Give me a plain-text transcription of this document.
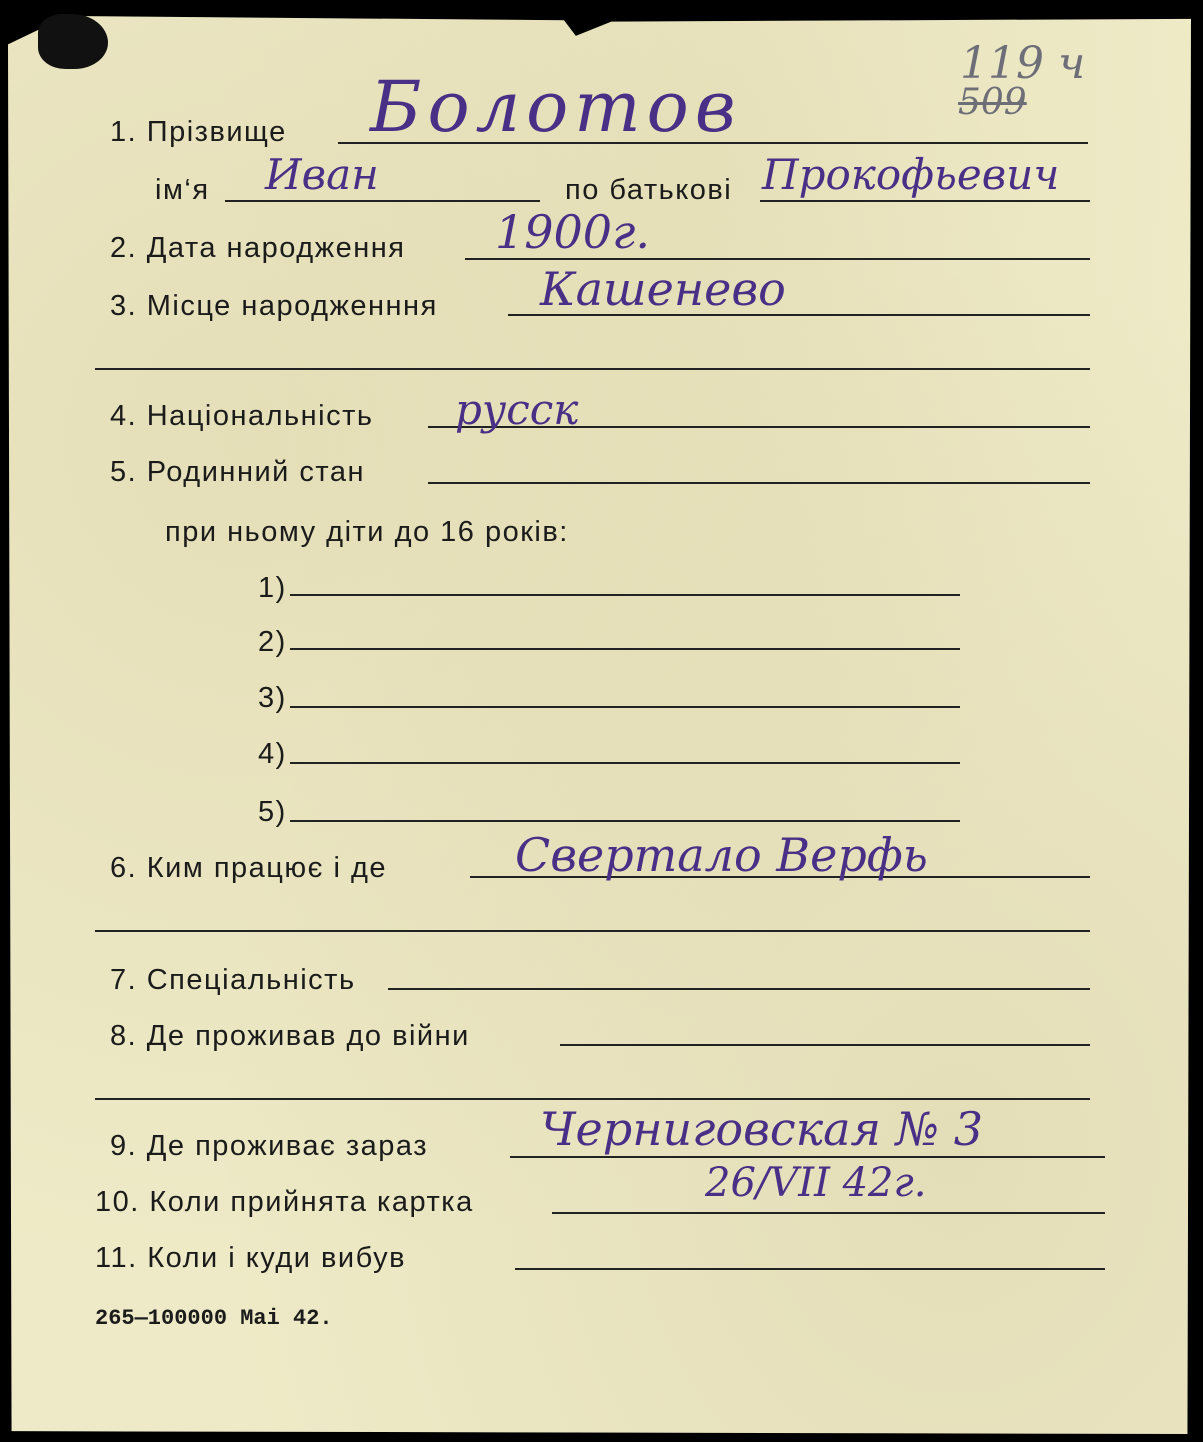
119 ч
509
1. Прізвище Болотов
ім‘я Иван	по батькові Прокофьевич
2. Дата народження 1900г.
3. Місце народженння Кашенево
4. Національність русск
5. Родинний стан
при ньому діти до 16 років:
1)
2)
3)
4)
5)
6. Ким працює і де	Свертало Верфь
7. Спеціальність
8. Де проживав до війни
9. Де проживає зараз Черниговская № 3
10. Коли прийнята картка	26/VII 42г.
11. Коли і куди вибув
265—100000 Маі 42.
